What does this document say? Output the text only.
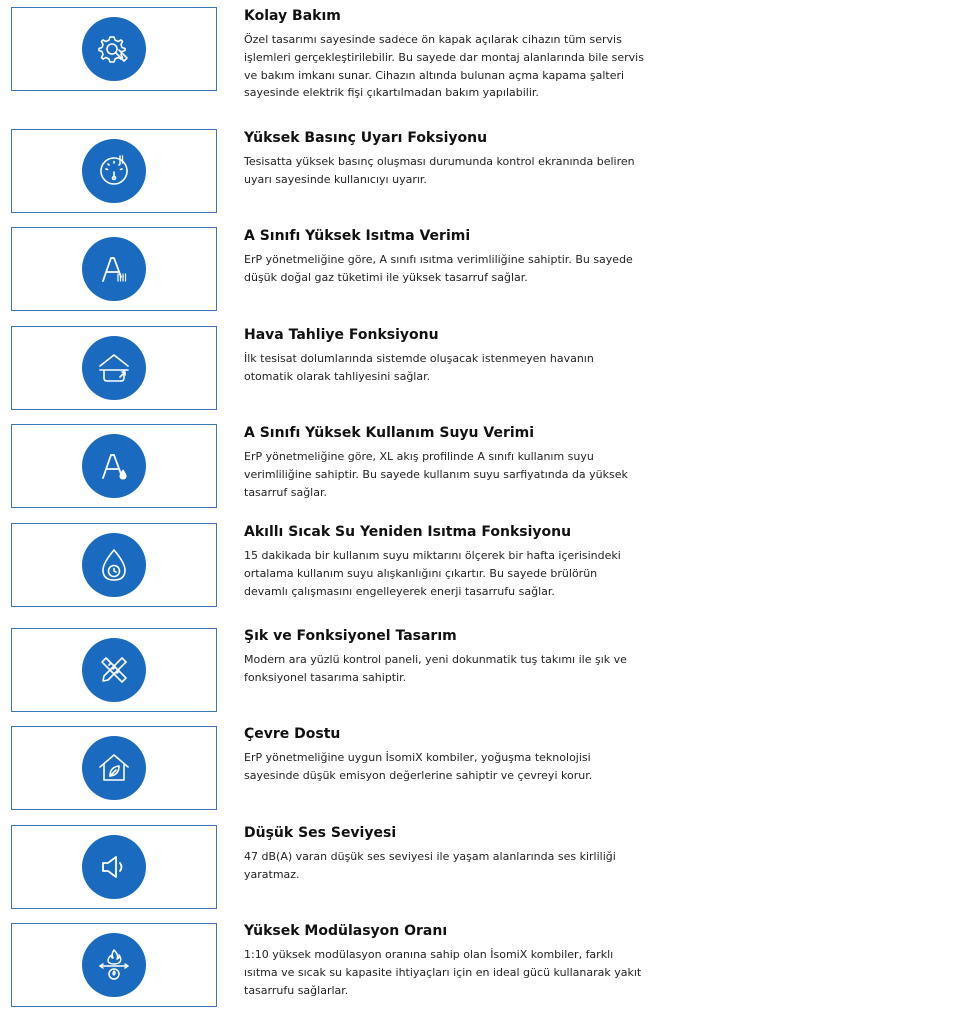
Kolay Bakım
Özel tasarımı sayesinde sadece ön kapak açılarak cihazın tüm servis işlemleri gerçekleştirilebilir. Bu sayede dar montaj alanlarında bile servis ve bakım imkanı sunar. Cihazın altında bulunan açma kapama şalteri sayesinde elektrik fişi çıkartılmadan bakım yapılabilir.
Yüksek Basınç Uyarı Foksiyonu
Tesisatta yüksek basınç oluşması durumunda kontrol ekranında beliren uyarı sayesinde kullanıcıyı uyarır.
A Sınıfı Yüksek Isıtma Verimi
ErP yönetmeliğine göre, A sınıfı ısıtma verimliliğine sahiptir. Bu sayede düşük doğal gaz tüketimi ile yüksek tasarruf sağlar.
Hava Tahliye Fonksiyonu
İlk tesisat dolumlarında sistemde oluşacak istenmeyen havanın otomatik olarak tahliyesini sağlar.
A Sınıfı Yüksek Kullanım Suyu Verimi
ErP yönetmeliğine göre, XL akış profilinde A sınıfı kullanım suyu verimliliğine sahiptir. Bu sayede kullanım suyu sarfiyatında da yüksek tasarruf sağlar.
Akıllı Sıcak Su Yeniden Isıtma Fonksiyonu
15 dakikada bir kullanım suyu miktarını ölçerek bir hafta içerisindeki ortalama kullanım suyu alışkanlığını çıkartır. Bu sayede brülörün devamlı çalışmasını engelleyerek enerji tasarrufu sağlar.
Şık ve Fonksiyonel Tasarım
Modern ara yüzlü kontrol paneli, yeni dokunmatik tuş takımı ile şık ve fonksiyonel tasarıma sahiptir.
Çevre Dostu
ErP yönetmeliğine uygun İsomiX kombiler, yoğuşma teknolojisi sayesinde düşük emisyon değerlerine sahiptir ve çevreyi korur.
Düşük Ses Seviyesi
47 dB(A) varan düşük ses seviyesi ile yaşam alanlarında ses kirliliği yaratmaz.
Yüksek Modülasyon Oranı
1:10 yüksek modülasyon oranına sahip olan İsomiX kombiler, farklı ısıtma ve sıcak su kapasite ihtiyaçları için en ideal gücü kullanarak yakıt tasarrufu sağlarlar.
